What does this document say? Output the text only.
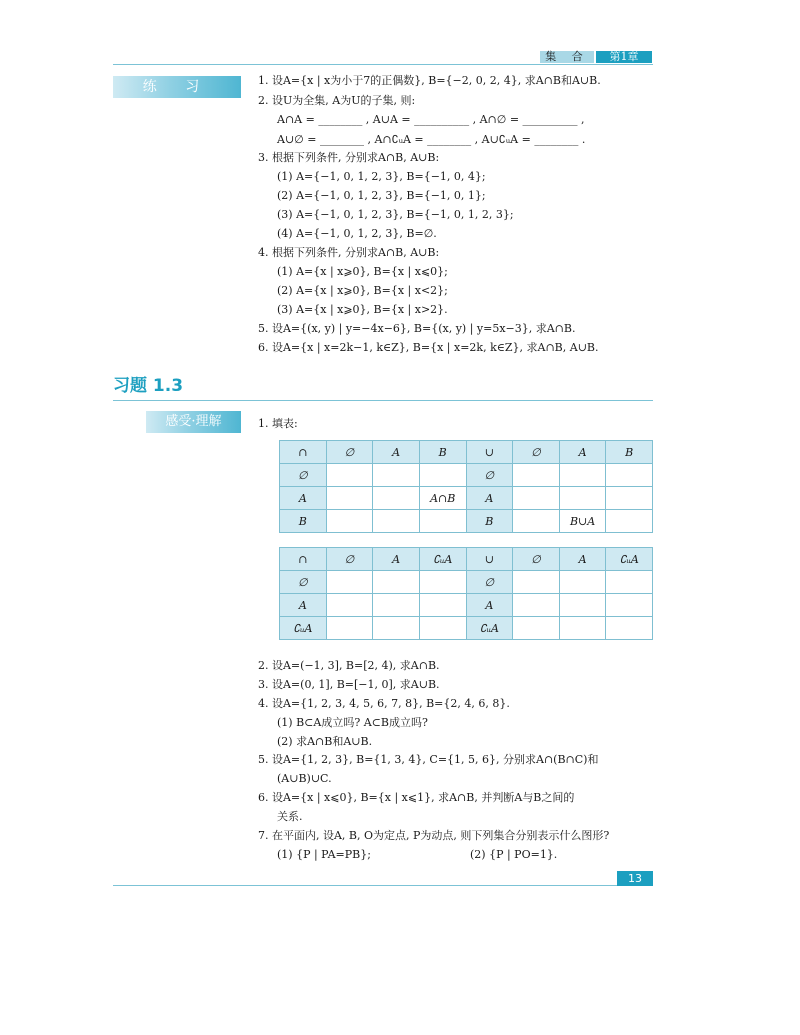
集 合	第1章
练 习	1. 设A={x | x为小于7的正偶数}, B={−2, 0, 2, 4}, 求A∩B和A∪B.
2. 设U为全集, A为U的子集, 则:
A∩A = ________ , A∪A = __________ , A∩∅ = __________ ,
A∪∅ = ________ , A∩∁ᵤA = ________ , A∪∁ᵤA = ________ .
3. 根据下列条件, 分别求A∩B, A∪B:
(1) A={−1, 0, 1, 2, 3}, B={−1, 0, 4};
(2) A={−1, 0, 1, 2, 3}, B={−1, 0, 1};
(3) A={−1, 0, 1, 2, 3}, B={−1, 0, 1, 2, 3};
(4) A={−1, 0, 1, 2, 3}, B=∅.
4. 根据下列条件, 分别求A∩B, A∪B:
(1) A={x | x⩾0}, B={x | x⩽0};
(2) A={x | x⩾0}, B={x | x<2};
(3) A={x | x⩾0}, B={x | x>2}.
5. 设A={(x, y) | y=−4x−6}, B={(x, y) | y=5x−3}, 求A∩B.
6. 设A={x | x=2k−1, k∈Z}, B={x | x=2k, k∈Z}, 求A∩B, A∪B.
习题 1.3
感受·理解	1. 填表:
∩	∅	A	B	∪	∅	A	B
∅				∅			
A			A∩B	A			
B				B		B∪A	
∩	∅	A	∁ᵤA	∪	∅	A	∁ᵤA
∅				∅			
A				A			
∁ᵤA				∁ᵤA			
2. 设A=(−1, 3], B=[2, 4), 求A∩B.
3. 设A=(0, 1], B=[−1, 0], 求A∪B.
4. 设A={1, 2, 3, 4, 5, 6, 7, 8}, B={2, 4, 6, 8}.
(1) B⊂A成立吗? A⊂B成立吗?
(2) 求A∩B和A∪B.
5. 设A={1, 2, 3}, B={1, 3, 4}, C={1, 5, 6}, 分别求A∩(B∩C)和
(A∪B)∪C.
6. 设A={x | x⩽0}, B={x | x⩽1}, 求A∩B, 并判断A与B之间的
关系.
7. 在平面内, 设A, B, O为定点, P为动点, 则下列集合分别表示什么图形?
(1) {P | PA=PB};	(2) {P | PO=1}.
13
